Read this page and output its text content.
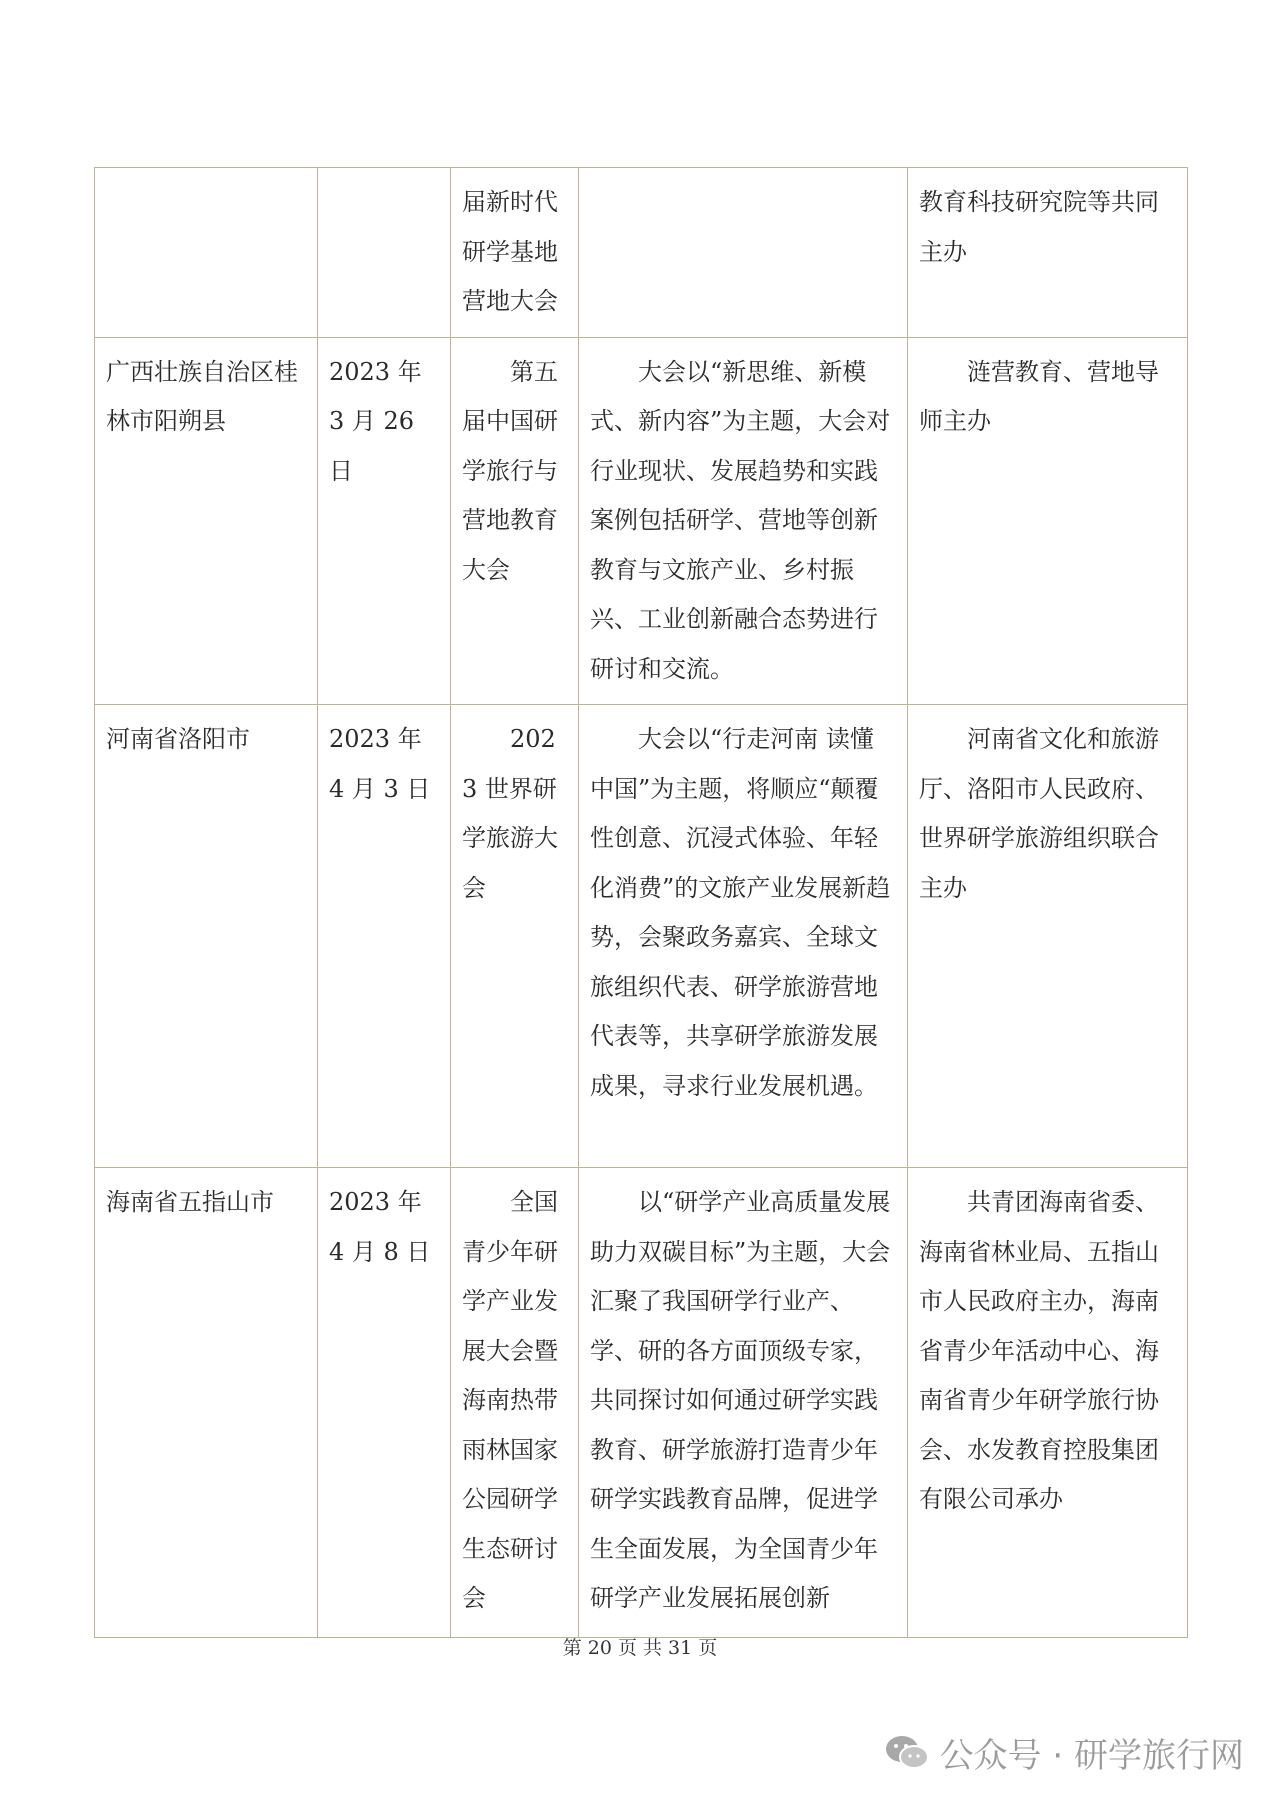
		届新时代研学基地营地大会		教育科技研究院等共同主办

广西壮族自治区桂林市阳朔县	2023 年 3 月 26 日	第五届中国研学旅行与营地教育大会	大会以“新思维、新模式、新内容”为主题，大会对行业现状、发展趋势和实践案例包括研学、营地等创新教育与文旅产业、乡村振兴、工业创新融合态势进行研讨和交流。	涟营教育、营地导师主办

河南省洛阳市	2023 年 4 月 3 日	2023 世界研学旅游大会	大会以“行走河南 读懂中国”为主题，将顺应“颠覆性创意、沉浸式体验、年轻化消费”的文旅产业发展新趋势，会聚政务嘉宾、全球文旅组织代表、研学旅游营地代表等，共享研学旅游发展成果，寻求行业发展机遇。	河南省文化和旅游厅、洛阳市人民政府、世界研学旅游组织联合主办

海南省五指山市	2023 年 4 月 8 日	全国青少年研学产业发展大会暨海南热带雨林国家公园研学生态研讨会	以“研学产业高质量发展助力双碳目标”为主题，大会汇聚了我国研学行业产、学、研的各方面顶级专家，共同探讨如何通过研学实践教育、研学旅游打造青少年研学实践教育品牌，促进学生全面发展，为全国青少年研学产业发展拓展创新	共青团海南省委、海南省林业局、五指山市人民政府主办，海南省青少年活动中心、海南省青少年研学旅行协会、水发教育控股集团有限公司承办
第 20 页 共 31 页
公众号 · 研学旅行网
